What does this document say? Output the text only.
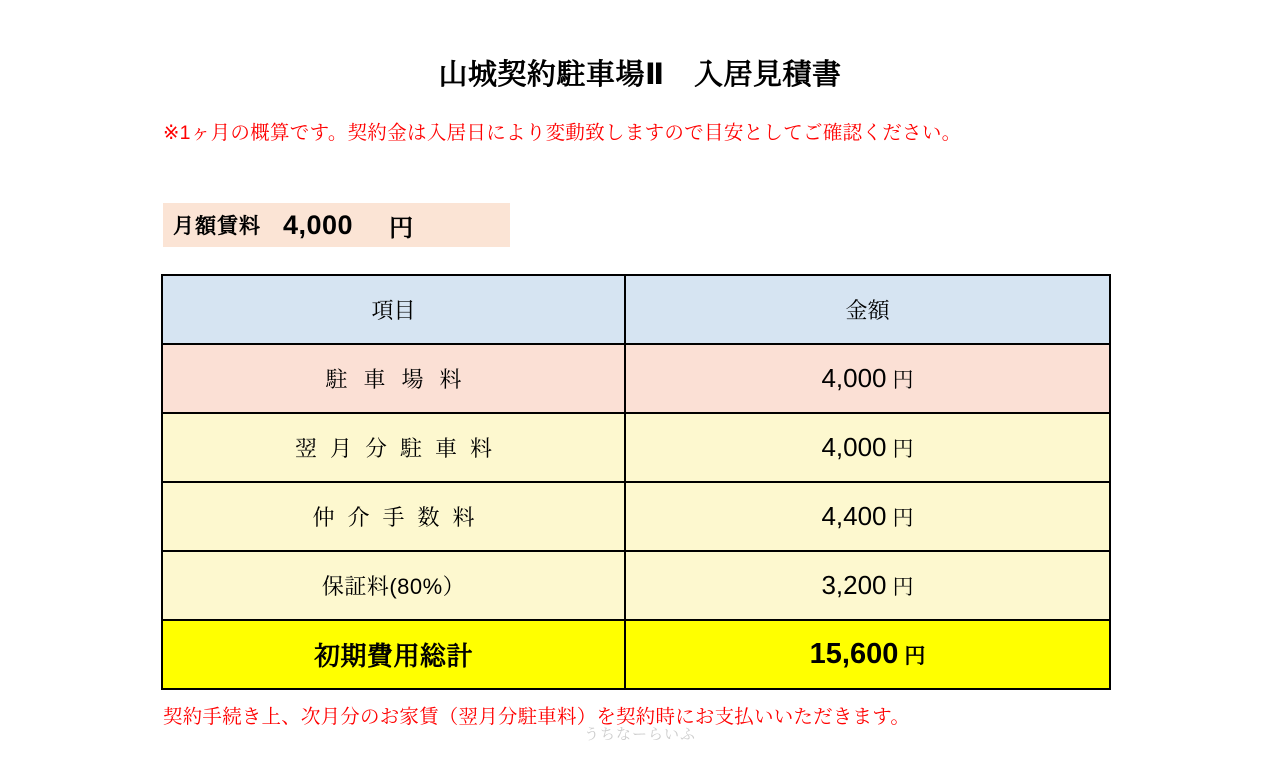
山城契約駐車場Ⅱ　入居見積書
※1ヶ月の概算です。契約金は入居日により変動致しますので目安としてご確認ください。
月額賃料 4,000 円
項目	金額
駐車場料	4,000 円
翌月分駐車料	4,000 円
仲介手数料	4,400 円
保証料(80%）	3,200 円
初期費用総計	15,600 円
契約手続き上、次月分のお家賃（翌月分駐車料）を契約時にお支払いいただきます。
うちなーらいふ
